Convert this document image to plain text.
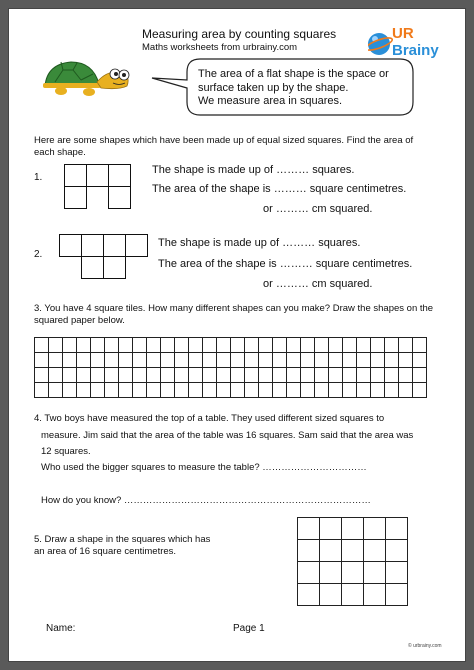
Measuring area by counting squares
Maths worksheets from urbrainy.com
UR
Brainy
The area of a flat shape is the space or
surface taken up by the shape.
We measure area in squares.
Here are some shapes which have been made up of equal sized squares. Find the area of each shape.
1.
The shape is made up of ……… squares.
The area of the shape is ……… square centimetres.
or ……… cm squared.
2.
The shape is made up of ……… squares.
The area of the shape is ……… square centimetres.
or ……… cm squared.
3. You have 4 square tiles. How many different shapes can you make? Draw the shapes on the squared paper below.

4. Two boys have measured the top of a table. They used different sized squares to
measure. Jim said that the area of the table was 16 squares. Sam said that the area was
12 squares.
Who used the bigger squares to measure the table? ……………………………
How do you know? ……………………………………………………………………
5. Draw a shape in the squares which has an area of 16 square centimetres.

Name:	Page 1
© urbrainy.com
